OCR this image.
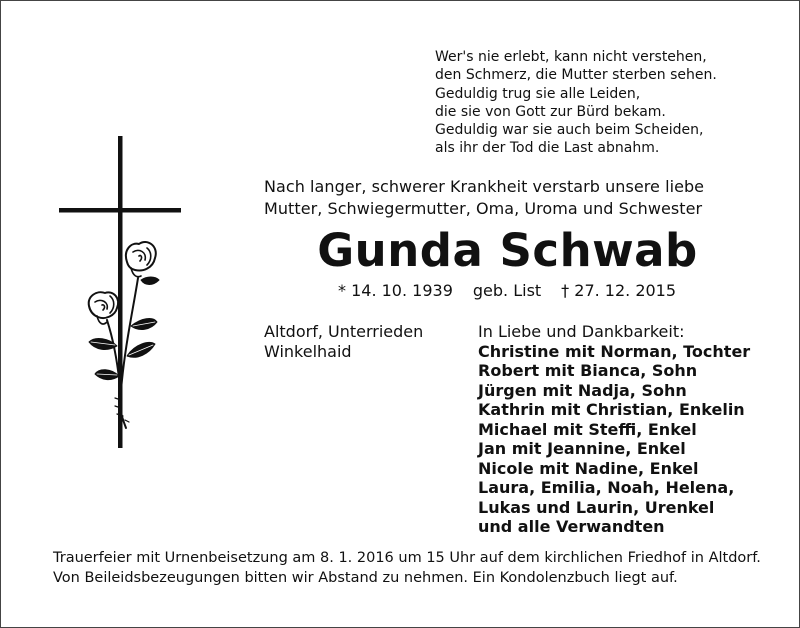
Wer's nie erlebt, kann nicht verstehen,
den Schmerz, die Mutter sterben sehen.
Geduldig trug sie alle Leiden,
die sie von Gott zur Bürd bekam.
Geduldig war sie auch beim Scheiden,
als ihr der Tod die Last abnahm.
Nach langer, schwerer Krankheit verstarb unsere liebe
Mutter, Schwiegermutter, Oma, Uroma und Schwester
Gunda Schwab
* 14. 10. 1939 geb. List † 27. 12. 2015
Altdorf, Unterrieden
Winkelhaid
In Liebe und Dankbarkeit:
Christine mit Norman, Tochter
Robert mit Bianca, Sohn
Jürgen mit Nadja, Sohn
Kathrin mit Christian, Enkelin
Michael mit Steffi, Enkel
Jan mit Jeannine, Enkel
Nicole mit Nadine, Enkel
Laura, Emilia, Noah, Helena,
Lukas und Laurin, Urenkel
und alle Verwandten
Trauerfeier mit Urnenbeisetzung am 8. 1. 2016 um 15 Uhr auf dem kirchlichen Friedhof in Altdorf.
Von Beileidsbezeugungen bitten wir Abstand zu nehmen. Ein Kondolenzbuch liegt auf.
